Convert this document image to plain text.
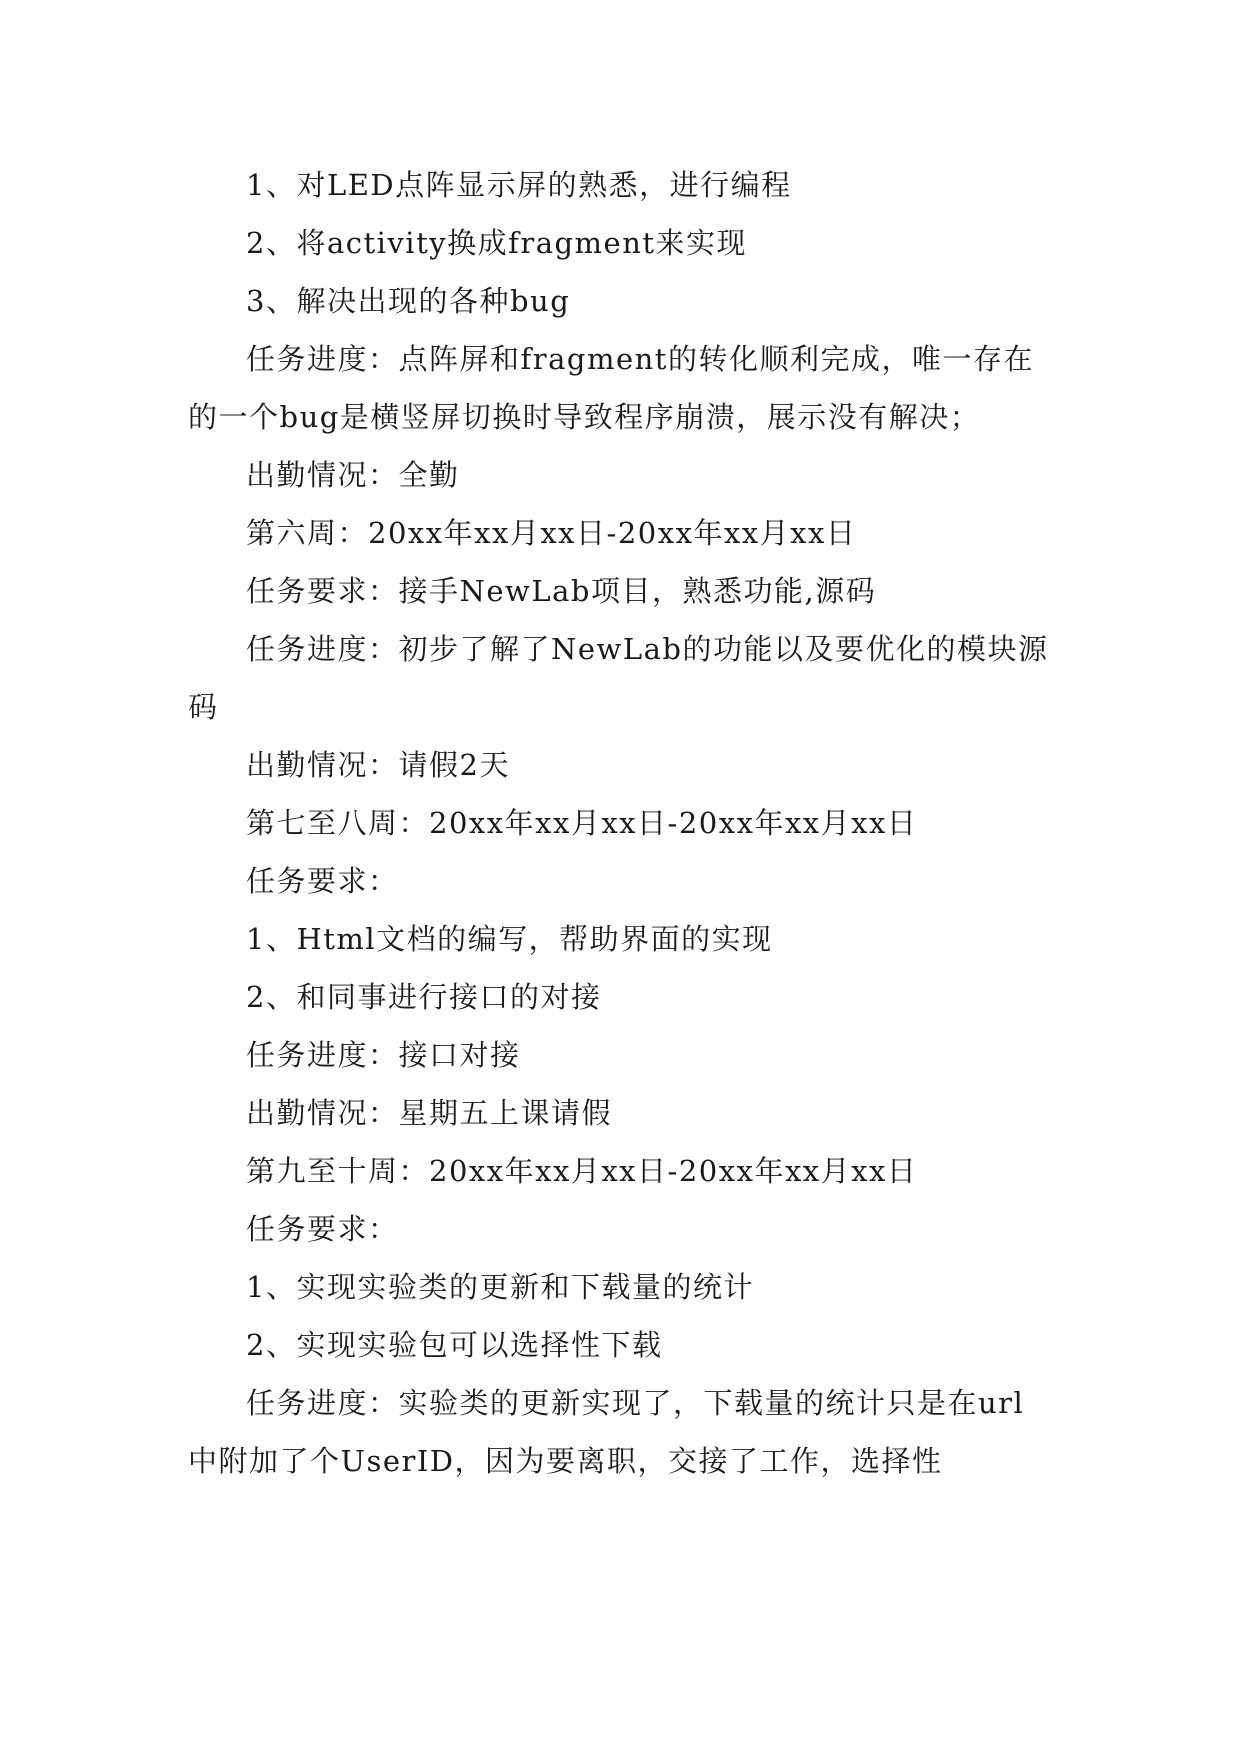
1、对LED点阵显示屏的熟悉，进行编程

2、将activity换成fragment来实现

3、解决出现的各种bug

任务进度：点阵屏和fragment的转化顺利完成，唯一存在的一个bug是横竖屏切换时导致程序崩溃，展示没有解决；

出勤情况：全勤

第六周：20xx年xx月xx日-20xx年xx月xx日

任务要求：接手NewLab项目，熟悉功能,源码

任务进度：初步了解了NewLab的功能以及要优化的模块源码

出勤情况：请假2天

第七至八周：20xx年xx月xx日-20xx年xx月xx日

任务要求：

1、Html文档的编写，帮助界面的实现

2、和同事进行接口的对接

任务进度：接口对接

出勤情况：星期五上课请假

第九至十周：20xx年xx月xx日-20xx年xx月xx日

任务要求：

1、实现实验类的更新和下载量的统计

2、实现实验包可以选择性下载

任务进度：实验类的更新实现了，下载量的统计只是在url中附加了个UserID，因为要离职，交接了工作，选择性
